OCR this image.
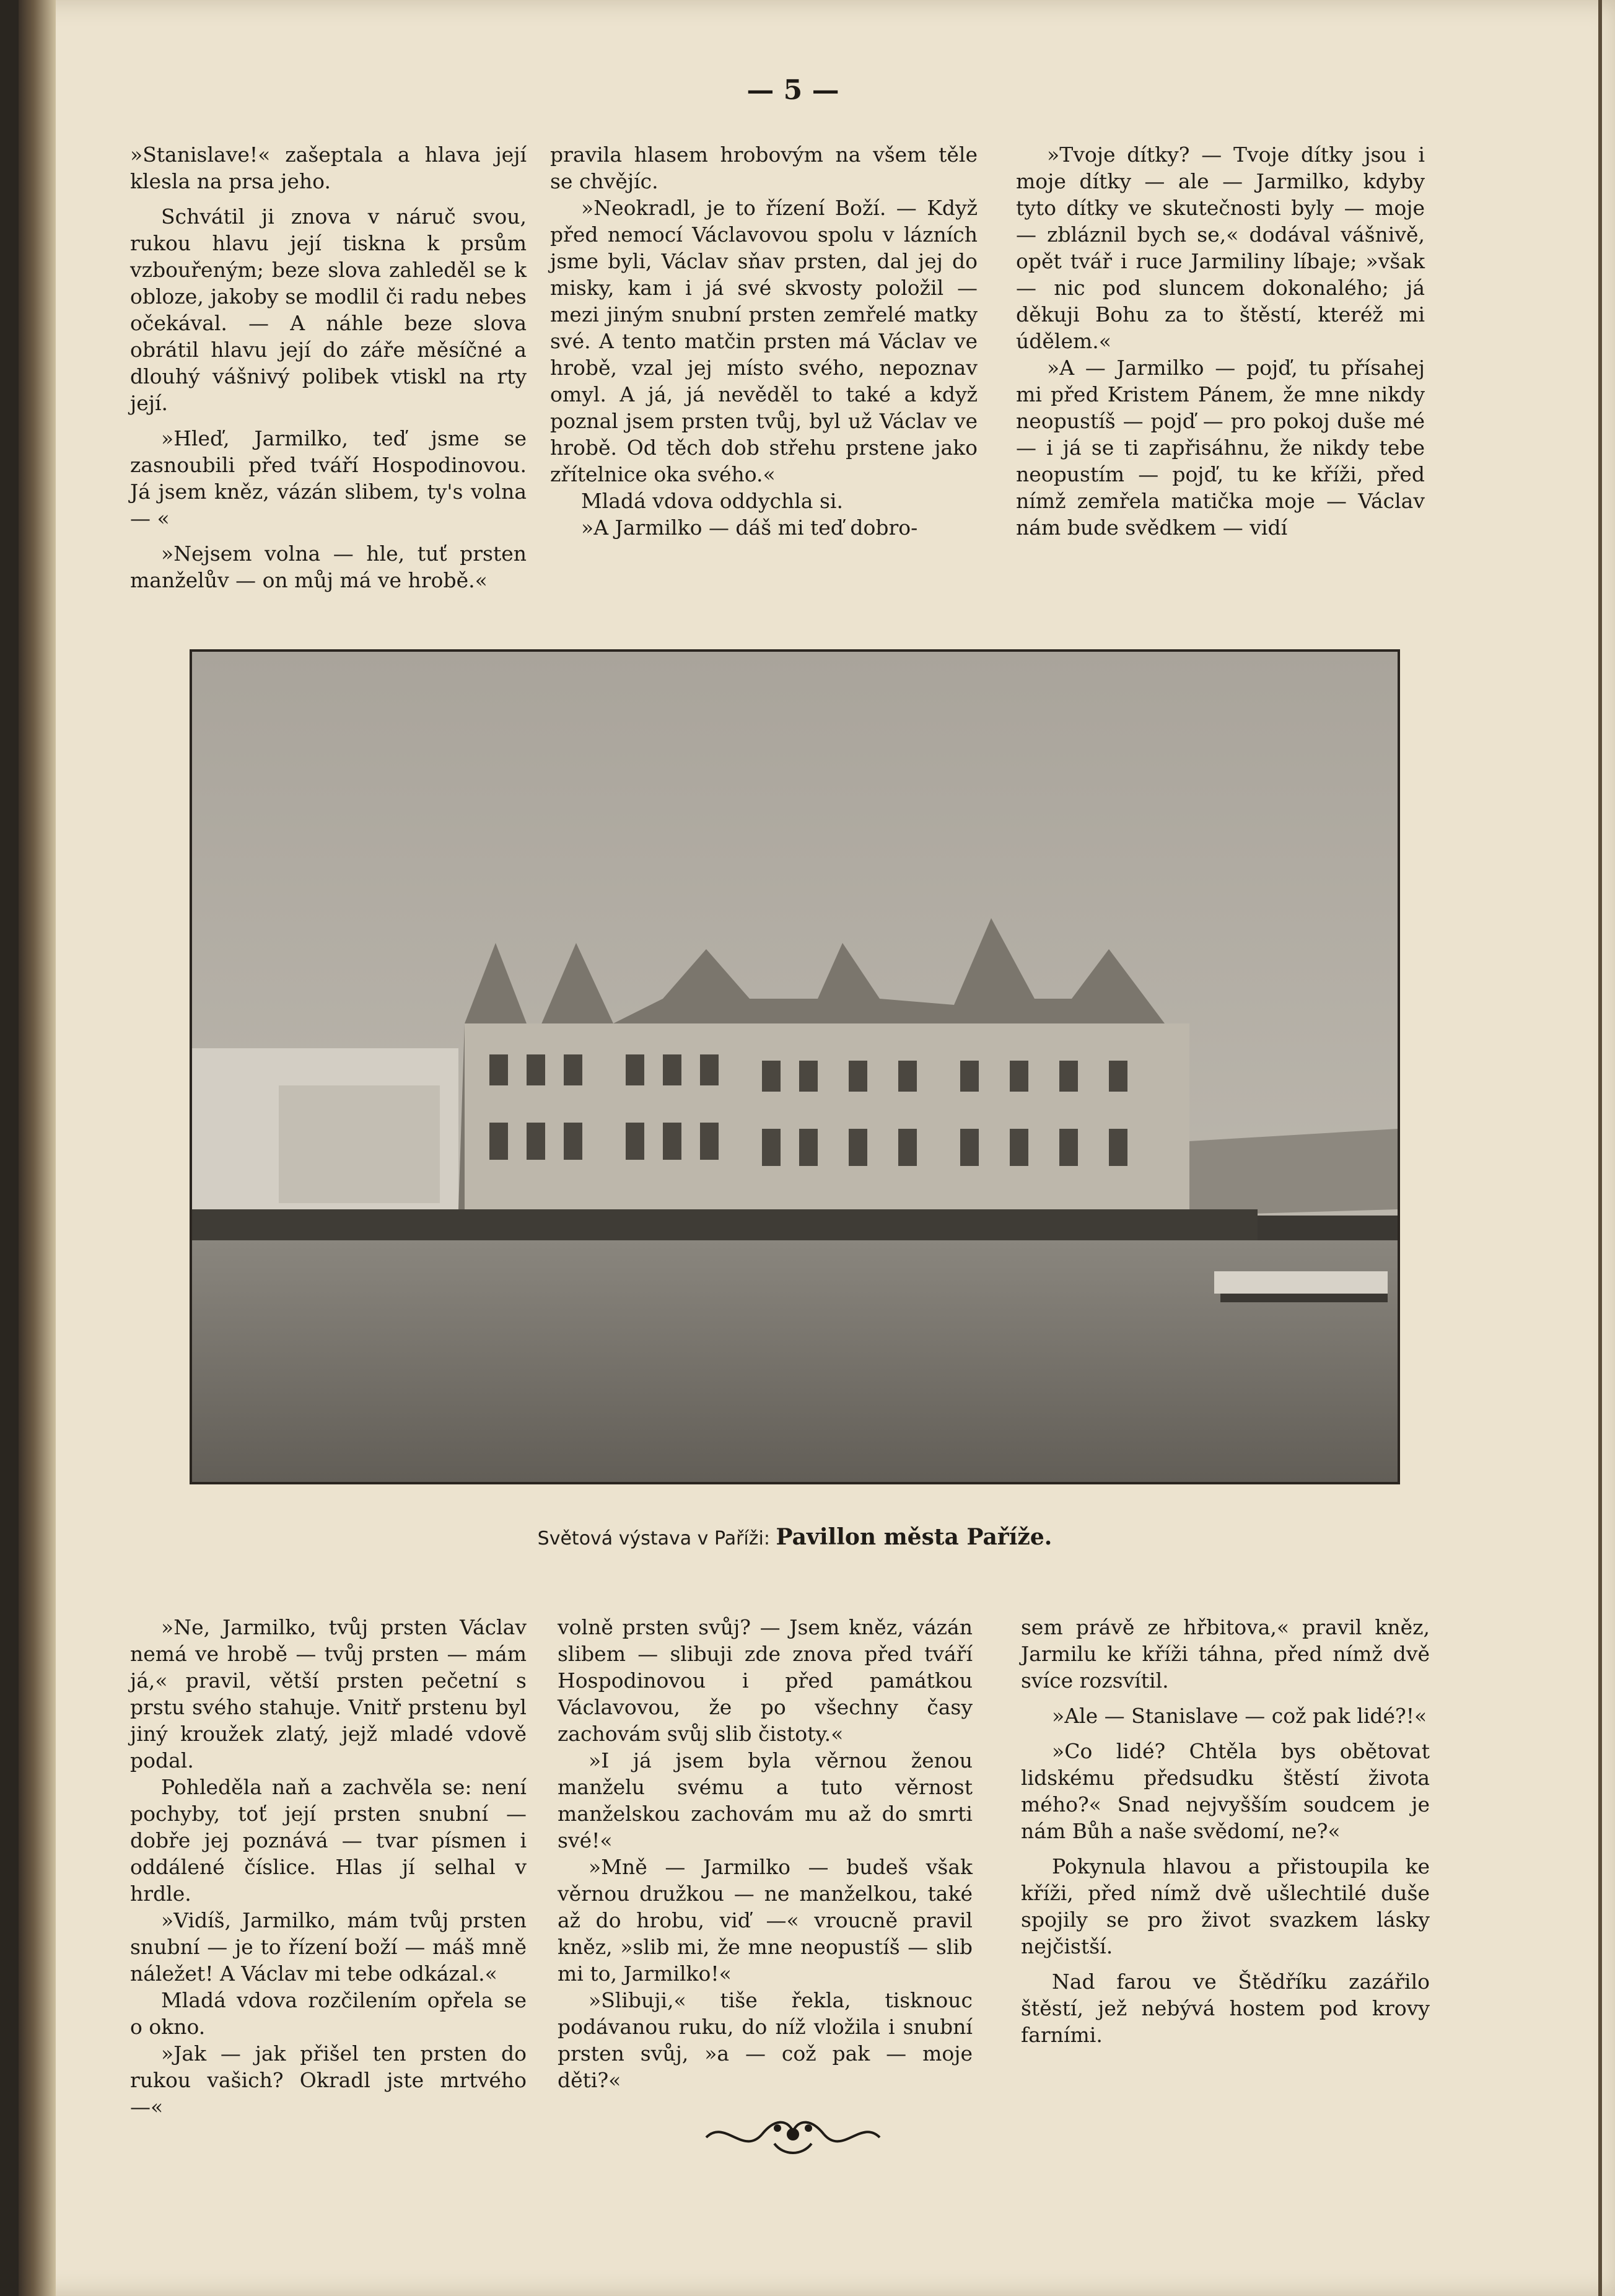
— 5 —

»Stanislave!« zašeptala a hlava její klesla na prsa jeho.

Schvátil ji znova v náruč svou, rukou hlavu její tiskna k prsům vzbouřeným; beze slova zahleděl se k obloze, jakoby se modlil či radu nebes očekával. — A náhle beze slova obrátil hlavu její do záře měsíčné a dlouhý vášnivý polibek vtiskl na rty její.

»Hleď, Jarmilko, teď jsme se zasnoubili před tváří Hospodinovou. Já jsem kněz, vázán slibem, ty's volna — «

»Nejsem volna — hle, tuť prsten manželův — on můj má ve hrobě.«

pravila hlasem hrobovým na všem těle se chvějíc.

»Neokradl, je to řízení Boží. — Když před nemocí Václavovou spolu v lázních jsme byli, Václav sňav prsten, dal jej do misky, kam i já své skvosty položil — mezi jiným snubní prsten zemřelé matky své. A tento matčin prsten má Václav ve hrobě, vzal jej místo svého, nepoznav omyl. A já, já nevěděl to také a když poznal jsem prsten tvůj, byl už Václav ve hrobě. Od těch dob střehu prstene jako zřítelnice oka svého.«

Mladá vdova oddychla si.

»A Jarmilko — dáš mi teď dobro-

»Tvoje dítky? — Tvoje dítky jsou i moje dítky — ale — Jarmilko, kdyby tyto dítky ve skutečnosti byly — moje — zbláznil bych se,« dodával vášnivě, opět tvář i ruce Jarmiliny líbaje; »však — nic pod sluncem dokonalého; já děkuji Bohu za to štěstí, kteréž mi údělem.«

»A — Jarmilko — pojď, tu přísahej mi před Kristem Pánem, že mne nikdy neopustíš — pojď — pro pokoj duše mé — i já se ti zapřisáhnu, že nikdy tebe neopustím — pojď, tu ke kříži, před nímž zemřela matička moje — Václav nám bude svědkem — vidí

Světová výstava v Paříži: Pavillon města Paříže.

»Ne, Jarmilko, tvůj prsten Václav nemá ve hrobě — tvůj prsten — mám já,« pravil, větší prsten pečetní s prstu svého stahuje. Vnitř prstenu byl jiný kroužek zlatý, jejž mladé vdově podal.

Pohleděla naň a zachvěla se: není pochyby, toť její prsten snubní — dobře jej poznává — tvar písmen i oddálené číslice. Hlas jí selhal v hrdle.

»Vidíš, Jarmilko, mám tvůj prsten snubní — je to řízení boží — máš mně náležet! A Václav mi tebe odkázal.«

Mladá vdova rozčilením opřela se o okno.

»Jak — jak přišel ten prsten do rukou vašich? Okradl jste mrtvého —«

volně prsten svůj? — Jsem kněz, vázán slibem — slibuji zde znova před tváří Hospodinovou i před památkou Václavovou, že po všechny časy zachovám svůj slib čistoty.«

»I já jsem byla věrnou ženou manželu svému a tuto věrnost manželskou zachovám mu až do smrti své!«

»Mně — Jarmilko — budeš však věrnou družkou — ne manželkou, také až do hrobu, viď —« vroucně pravil kněz, »slib mi, že mne neopustíš — slib mi to, Jarmilko!«

»Slibuji,« tiše řekla, tisknouc podávanou ruku, do níž vložila i snubní prsten svůj, »a — což pak — moje děti?«

sem právě ze hřbitova,« pravil kněz, Jarmilu ke kříži táhna, před nímž dvě svíce rozsvítil.

»Ale — Stanislave — což pak lidé?!«

»Co lidé? Chtěla bys obětovat lidskému předsudku štěstí života mého?« Snad nejvyšším soudcem je nám Bůh a naše svědomí, ne?«

Pokynula hlavou a přistoupila ke kříži, před nímž dvě ušlechtilé duše spojily se pro život svazkem lásky nejčistší.

Nad farou ve Štědříku zazářilo štěstí, jež nebývá hostem pod krovy farními.
